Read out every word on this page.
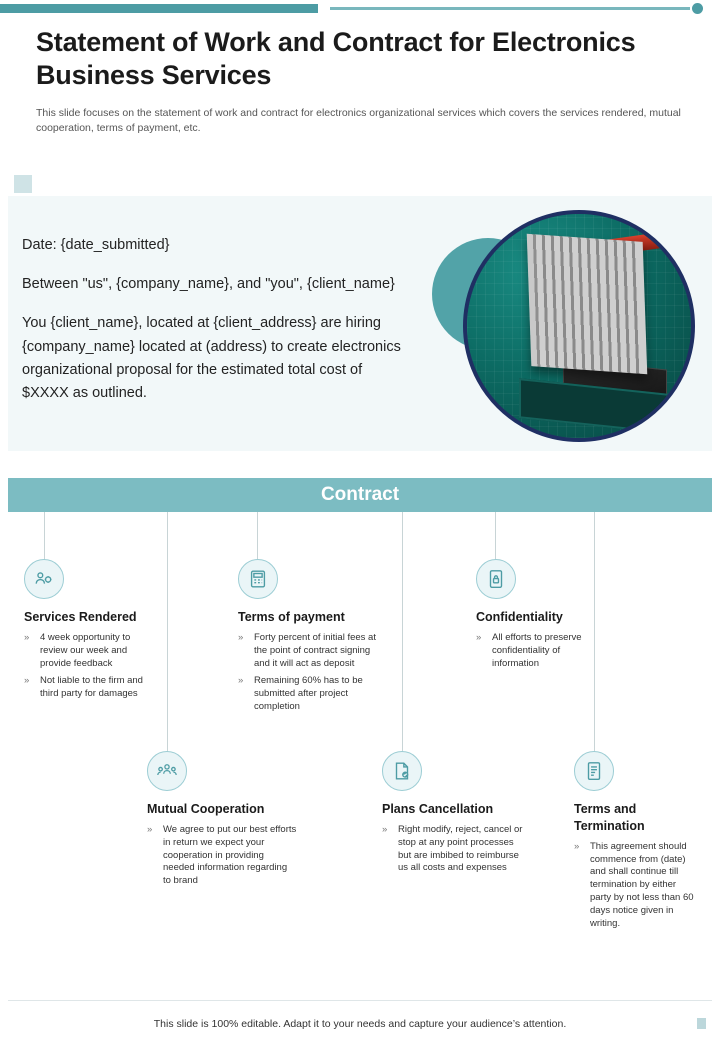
Statement of Work and Contract for Electronics Business Services
This slide focuses on the statement of work and contract for electronics organizational services which covers the services rendered, mutual cooperation, terms of payment, etc.

Date: {date_submitted}

Between "us", {company_name}, and "you", {client_name}

You {client_name}, located at {client_address} are hiring {company_name} located at (address) to create electronics organizational proposal for the estimated total cost of $XXXX as outlined.

Contract
Services Rendered
»	4 week opportunity to review our week and provide feedback
»	Not liable to the firm and third party for damages
Terms of payment
»	Forty percent of initial fees at the point of contract signing and it will act as deposit
»	Remaining 60% has to be submitted after project completion
Confidentiality
»	All efforts to preserve confidentiality of information
Mutual Cooperation
»	We agree to put our best efforts in return we expect your cooperation in providing needed information regarding to brand
Plans Cancellation
»	Right modify, reject, cancel or stop at any point processes but are imbibed to reimburse us all costs and expenses
Terms and Termination
»	This agreement should commence from (date) and shall continue till termination by either party by not less than 60 days notice given in writing.
This slide is 100% editable. Adapt it to your needs and capture your audience’s attention.
